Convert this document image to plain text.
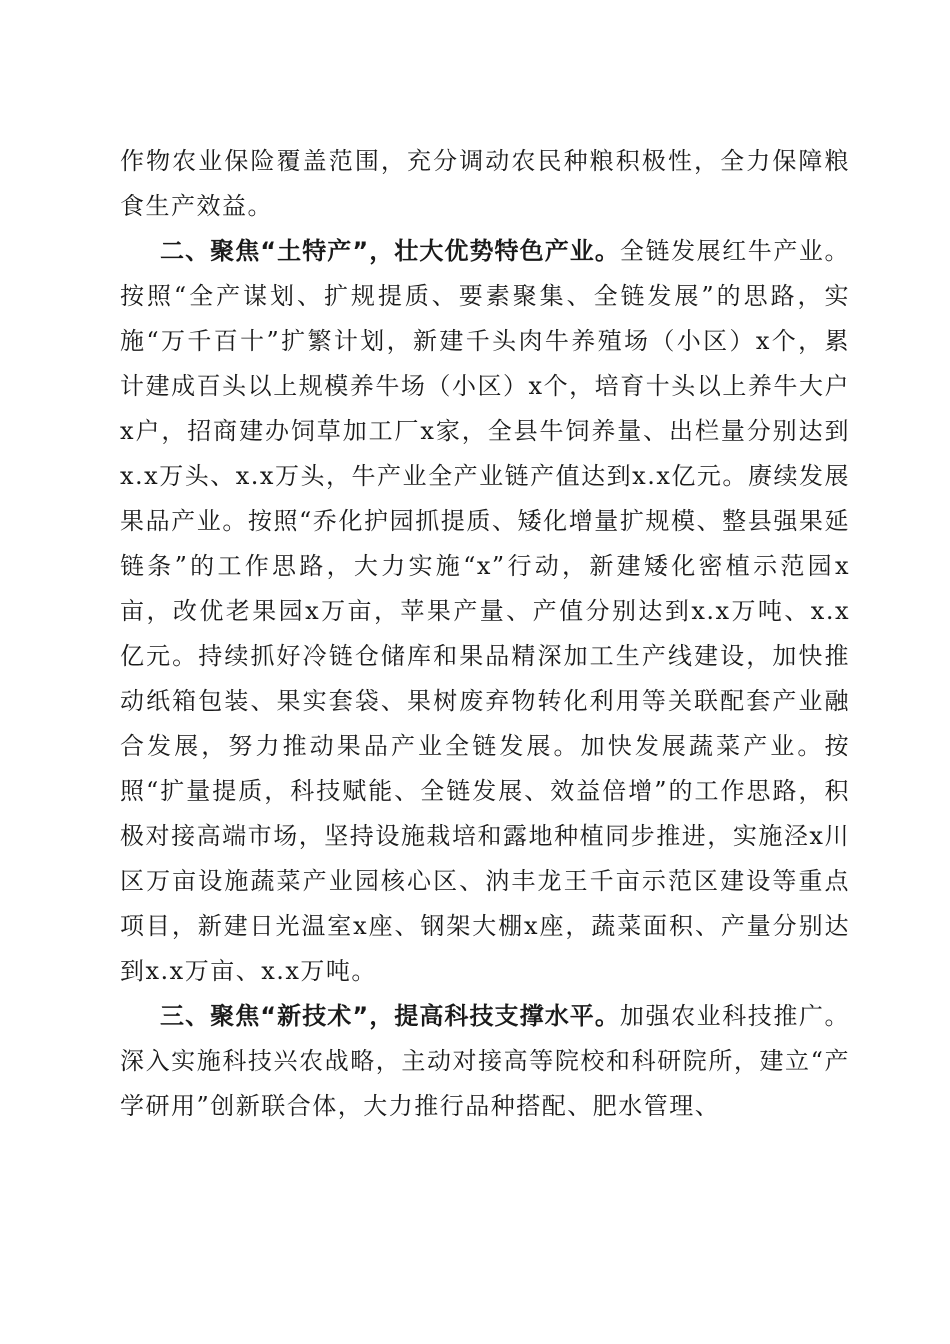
作物农业保险覆盖范围，充分调动农民种粮积极性，全力保障粮食生产效益。

二、聚焦“土特产”，壮大优势特色产业。全链发展红牛产业。按照“全产谋划、扩规提质、要素聚集、全链发展”的思路，实施“万千百十”扩繁计划，新建千头肉牛养殖场（小区）x个，累计建成百头以上规模养牛场（小区）x个，培育十头以上养牛大户x户，招商建办饲草加工厂x家，全县牛饲养量、出栏量分别达到x.x万头、x.x万头，牛产业全产业链产值达到x.x亿元。赓续发展果品产业。按照“乔化护园抓提质、矮化增量扩规模、整县强果延链条”的工作思路，大力实施“x”行动，新建矮化密植示范园x亩，改优老果园x万亩，苹果产量、产值分别达到x.x万吨、x.x亿元。持续抓好冷链仓储库和果品精深加工生产线建设，加快推动纸箱包装、果实套袋、果树废弃物转化利用等关联配套产业融合发展，努力推动果品产业全链发展。加快发展蔬菜产业。按照“扩量提质，科技赋能、全链发展、效益倍增”的工作思路，积极对接高端市场，坚持设施栽培和露地种植同步推进，实施泾x川区万亩设施蔬菜产业园核心区、汭丰龙王千亩示范区建设等重点项目，新建日光温室x座、钢架大棚x座，蔬菜面积、产量分别达到x.x万亩、x.x万吨。

三、聚焦“新技术”，提高科技支撑水平。加强农业科技推广。深入实施科技兴农战略，主动对接高等院校和科研院所，建立“产学研用”创新联合体，大力推行品种搭配、肥水管理、
